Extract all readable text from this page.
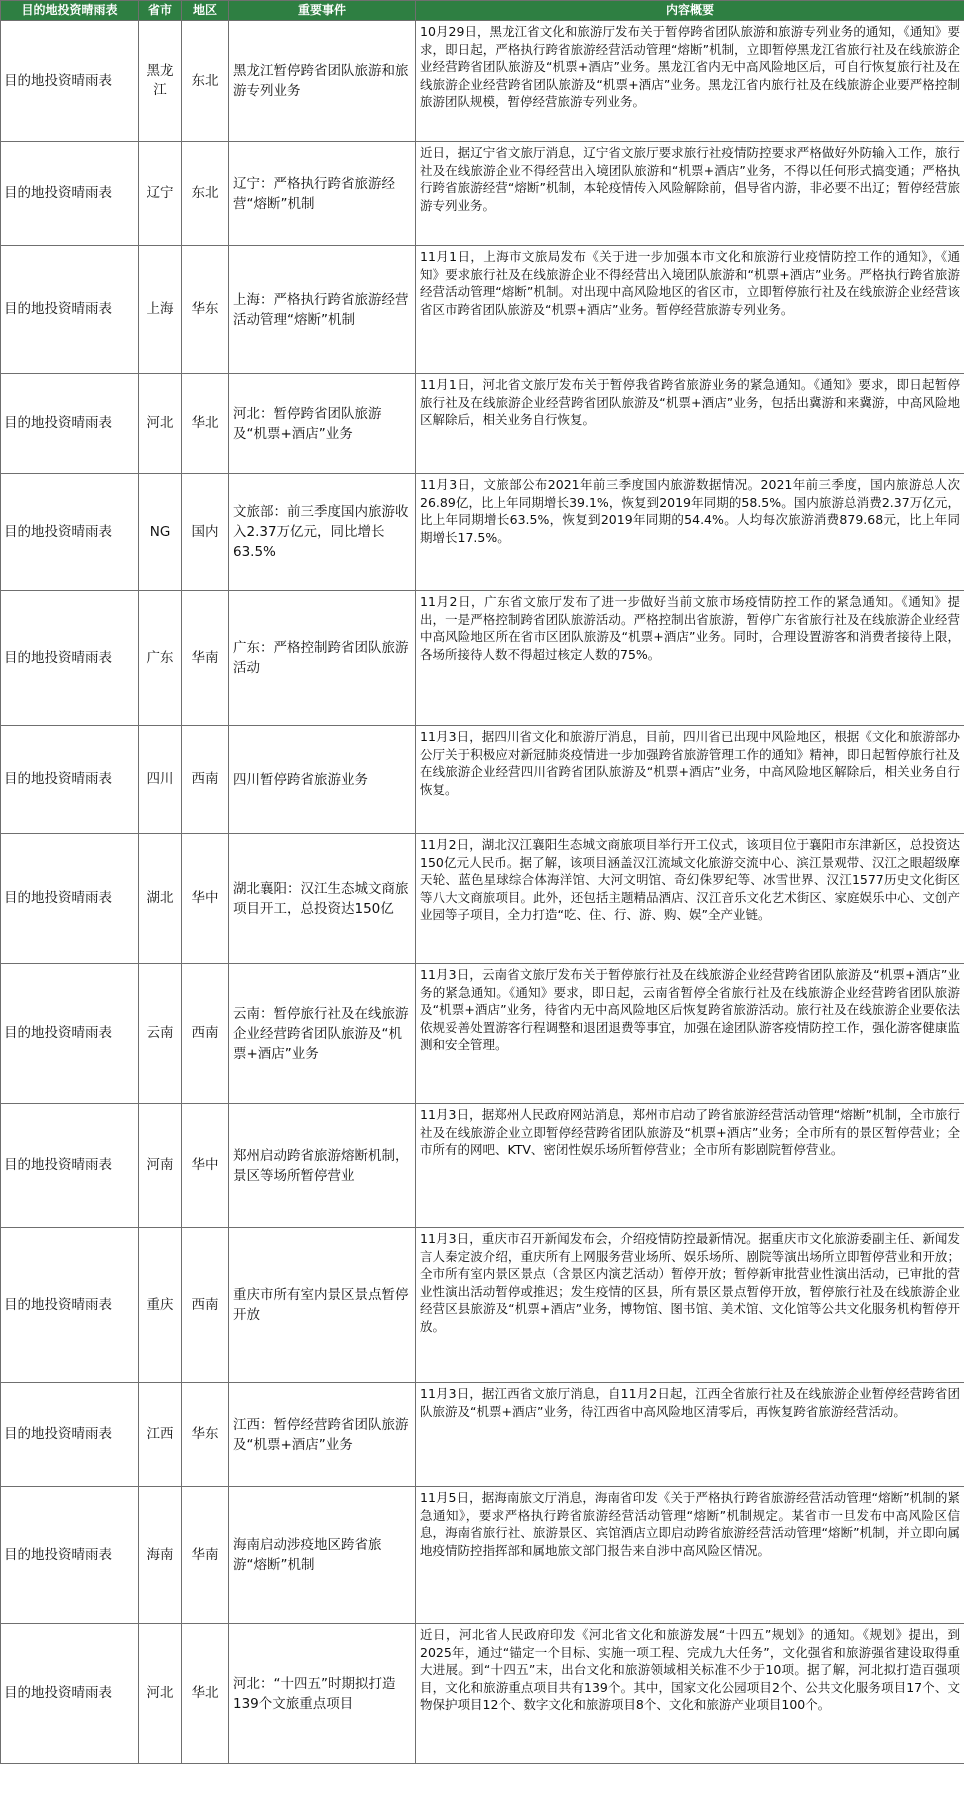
目的地投资晴雨表	省市	地区	重要事件	内容概要
目的地投资晴雨表	黑龙江	东北	黑龙江暂停跨省团队旅游和旅游专列业务	10月29日，黑龙江省文化和旅游厅发布关于暂停跨省团队旅游和旅游专列业务的通知，《通知》要求，即日起，严格执行跨省旅游经营活动管理“熔断”机制，立即暂停黑龙江省旅行社及在线旅游企业经营跨省团队旅游及“机票+酒店”业务。黑龙江省内无中高风险地区后，可自行恢复旅行社及在线旅游企业经营跨省团队旅游及“机票+酒店”业务。黑龙江省内旅行社及在线旅游企业要严格控制旅游团队规模，暂停经营旅游专列业务。
目的地投资晴雨表	辽宁	东北	辽宁：严格执行跨省旅游经营“熔断”机制	近日，据辽宁省文旅厅消息，辽宁省文旅厅要求旅行社疫情防控要求严格做好外防输入工作，旅行社及在线旅游企业不得经营出入境团队旅游和“机票+酒店”业务，不得以任何形式搞变通；严格执行跨省旅游经营“熔断”机制，本轮疫情传入风险解除前，倡导省内游，非必要不出辽；暂停经营旅游专列业务。
目的地投资晴雨表	上海	华东	上海：严格执行跨省旅游经营活动管理“熔断”机制	11月1日，上海市文旅局发布《关于进一步加强本市文化和旅游行业疫情防控工作的通知》，《通知》要求旅行社及在线旅游企业不得经营出入境团队旅游和“机票+酒店”业务。严格执行跨省旅游经营活动管理“熔断”机制。对出现中高风险地区的省区市，立即暂停旅行社及在线旅游企业经营该省区市跨省团队旅游及“机票+酒店”业务。暂停经营旅游专列业务。
目的地投资晴雨表	河北	华北	河北：暂停跨省团队旅游及“机票+酒店”业务	11月1日，河北省文旅厅发布关于暂停我省跨省旅游业务的紧急通知。《通知》要求，即日起暂停旅行社及在线旅游企业经营跨省团队旅游及“机票+酒店”业务，包括出冀游和来冀游，中高风险地区解除后，相关业务自行恢复。
目的地投资晴雨表	NG	国内	文旅部：前三季度国内旅游收入2.37万亿元，同比增长63.5%	11月3日，文旅部公布2021年前三季度国内旅游数据情况。2021年前三季度，国内旅游总人次26.89亿，比上年同期增长39.1%，恢复到2019年同期的58.5%。国内旅游总消费2.37万亿元，比上年同期增长63.5%，恢复到2019年同期的54.4%。人均每次旅游消费879.68元，比上年同期增长17.5%。
目的地投资晴雨表	广东	华南	广东：严格控制跨省团队旅游活动	11月2日，广东省文旅厅发布了进一步做好当前文旅市场疫情防控工作的紧急通知。《通知》提出，一是严格控制跨省团队旅游活动。严格控制出省旅游，暂停广东省旅行社及在线旅游企业经营中高风险地区所在省市区团队旅游及“机票+酒店”业务。同时，合理设置游客和消费者接待上限，各场所接待人数不得超过核定人数的75%。
目的地投资晴雨表	四川	西南	四川暂停跨省旅游业务	11月3日，据四川省文化和旅游厅消息，目前，四川省已出现中风险地区，根据《文化和旅游部办公厅关于积极应对新冠肺炎疫情进一步加强跨省旅游管理工作的通知》精神，即日起暂停旅行社及在线旅游企业经营四川省跨省团队旅游及“机票+酒店”业务，中高风险地区解除后，相关业务自行恢复。
目的地投资晴雨表	湖北	华中	湖北襄阳：汉江生态城文商旅项目开工，总投资达150亿	11月2日，湖北汉江襄阳生态城文商旅项目举行开工仪式，该项目位于襄阳市东津新区，总投资达150亿元人民币。据了解，该项目涵盖汉江流域文化旅游交流中心、滨江景观带、汉江之眼超级摩天轮、蓝色星球综合体海洋馆、大河文明馆、奇幻侏罗纪等、冰雪世界、汉江1577历史文化街区等八大文商旅项目。此外，还包括主题精品酒店、汉江音乐文化艺术街区、家庭娱乐中心、文创产业园等子项目，全力打造“吃、住、行、游、购、娱”全产业链。
目的地投资晴雨表	云南	西南	云南：暂停旅行社及在线旅游企业经营跨省团队旅游及“机票+酒店”业务	11月3日，云南省文旅厅发布关于暂停旅行社及在线旅游企业经营跨省团队旅游及“机票+酒店”业务的紧急通知。《通知》要求，即日起，云南省暂停全省旅行社及在线旅游企业经营跨省团队旅游及“机票+酒店”业务，待省内无中高风险地区后恢复跨省旅游活动。旅行社及在线旅游企业要依法依规妥善处置游客行程调整和退团退费等事宜，加强在途团队游客疫情防控工作，强化游客健康监测和安全管理。
目的地投资晴雨表	河南	华中	郑州启动跨省旅游熔断机制，景区等场所暂停营业	11月3日，据郑州人民政府网站消息，郑州市启动了跨省旅游经营活动管理“熔断”机制，全市旅行社及在线旅游企业立即暂停经营跨省团队旅游及“机票+酒店”业务；全市所有的景区暂停营业；全市所有的网吧、KTV、密闭性娱乐场所暂停营业；全市所有影剧院暂停营业。
目的地投资晴雨表	重庆	西南	重庆市所有室内景区景点暂停开放	11月3日，重庆市召开新闻发布会，介绍疫情防控最新情况。据重庆市文化旅游委副主任、新闻发言人秦定波介绍，重庆所有上网服务营业场所、娱乐场所、剧院等演出场所立即暂停营业和开放；全市所有室内景区景点（含景区内演艺活动）暂停开放；暂停新审批营业性演出活动，已审批的营业性演出活动暂停或推迟；发生疫情的区县，所有景区景点暂停开放，暂停旅行社及在线旅游企业经营区县旅游及“机票+酒店”业务，博物馆、图书馆、美术馆、文化馆等公共文化服务机构暂停开放。
目的地投资晴雨表	江西	华东	江西：暂停经营跨省团队旅游及“机票+酒店”业务	11月3日，据江西省文旅厅消息，自11月2日起，江西全省旅行社及在线旅游企业暂停经营跨省团队旅游及“机票+酒店”业务，待江西省中高风险地区清零后，再恢复跨省旅游经营活动。
目的地投资晴雨表	海南	华南	海南启动涉疫地区跨省旅游“熔断”机制	11月5日，据海南旅文厅消息，海南省印发《关于严格执行跨省旅游经营活动管理“熔断”机制的紧急通知》，要求严格执行跨省旅游经营活动管理“熔断”机制规定。某省市一旦发布中高风险区信息，海南省旅行社、旅游景区、宾馆酒店立即启动跨省旅游经营活动管理“熔断”机制，并立即向属地疫情防控指挥部和属地旅文部门报告来自涉中高风险区情况。
目的地投资晴雨表	河北	华北	河北：“十四五”时期拟打造139个文旅重点项目	近日，河北省人民政府印发《河北省文化和旅游发展“十四五”规划》的通知。《规划》提出，到2025年，通过“锚定一个目标、实施一项工程、完成九大任务”，文化强省和旅游强省建设取得重大进展。到“十四五”末，出台文化和旅游领域相关标准不少于10项。据了解，河北拟打造百强项目，文化和旅游重点项目共有139个。其中，国家文化公园项目2个、公共文化服务项目17个、文物保护项目12个、数字文化和旅游项目8个、文化和旅游产业项目100个。
